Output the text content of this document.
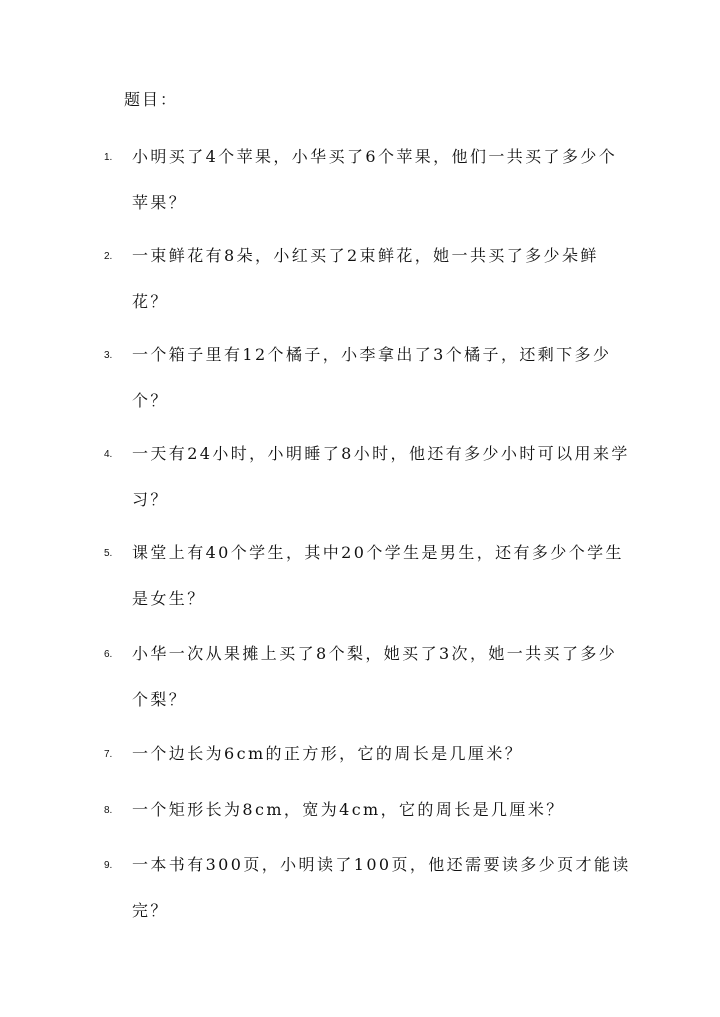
题目：
1.	小明买了4个苹果，小华买了6个苹果，他们一共买了多少个苹果？
2.	一束鲜花有8朵，小红买了2束鲜花，她一共买了多少朵鲜花？
3.	一个箱子里有12个橘子，小李拿出了3个橘子，还剩下多少个？
4.	一天有24小时，小明睡了8小时，他还有多少小时可以用来学习？
5.	课堂上有40个学生，其中20个学生是男生，还有多少个学生是女生？
6.	小华一次从果摊上买了8个梨，她买了3次，她一共买了多少个梨？
7.	一个边长为6cm的正方形，它的周长是几厘米？
8.	一个矩形长为8cm，宽为4cm，它的周长是几厘米？
9.	一本书有300页，小明读了100页，他还需要读多少页才能读完？
